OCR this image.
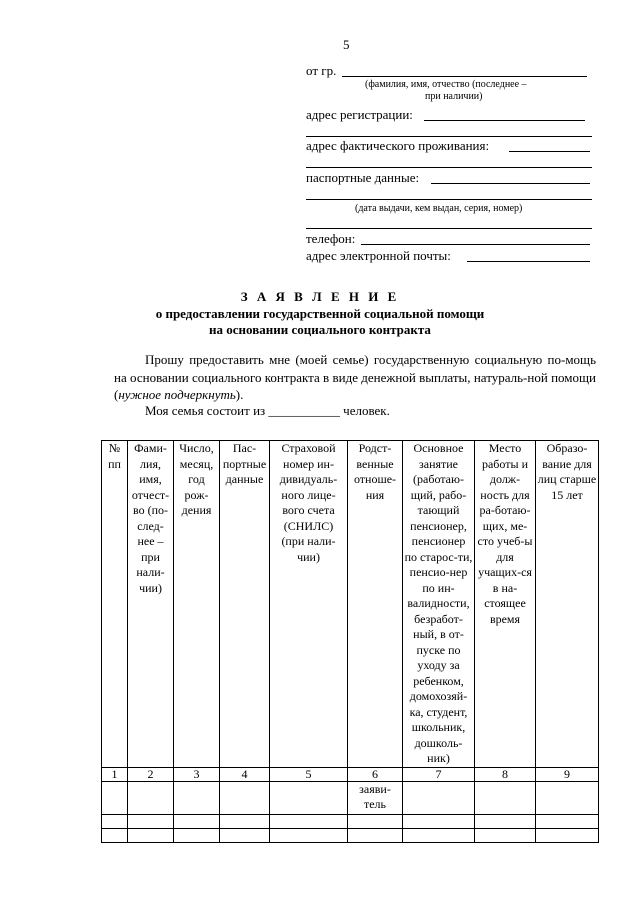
5
от гр.
(фамилия, имя, отчество (последнее –
при наличии)
адрес регистрации:
адрес фактического проживания:
паспортные данные:
(дата выдачи, кем выдан, серия, номер)
телефон:
адрес электронной почты:
З А Я В Л Е Н И Е
о предоставлении государственной социальной помощи
на основании социального контракта
Прошу предоставить мне (моей семье) государственную социальную по-мощь на основании социального контракта в виде денежной выплаты, натураль-ной помощи (нужное подчеркнуть).
Моя семья состоит из ___________ человек.
№ пп	Фами-лия, имя, отчест-во (по-след-нее – при нали-чии)	Число, месяц, год рож-дения	Пас-портные данные	Страховой номер ин-дивидуаль-ного лице-вого счета (СНИЛС) (при нали-чии)	Родст-венные отноше-ния	Основное занятие (работаю-щий, рабо-тающий пенсионер, пенсионер по старос-ти, пенсио-нер по ин-валидности, безработ-ный, в от-пуске по уходу за ребенком, домохозяй-ка, студент, школьник, дошколь-ник)	Место работы и долж-ность для ра-ботаю-щих, ме-сто учеб-ы для учащих-ся в на-стоящее время	Образо-вание для лиц старше 15 лет
1	2	3	4	5	6	7	8	9
					заяви-тель			
